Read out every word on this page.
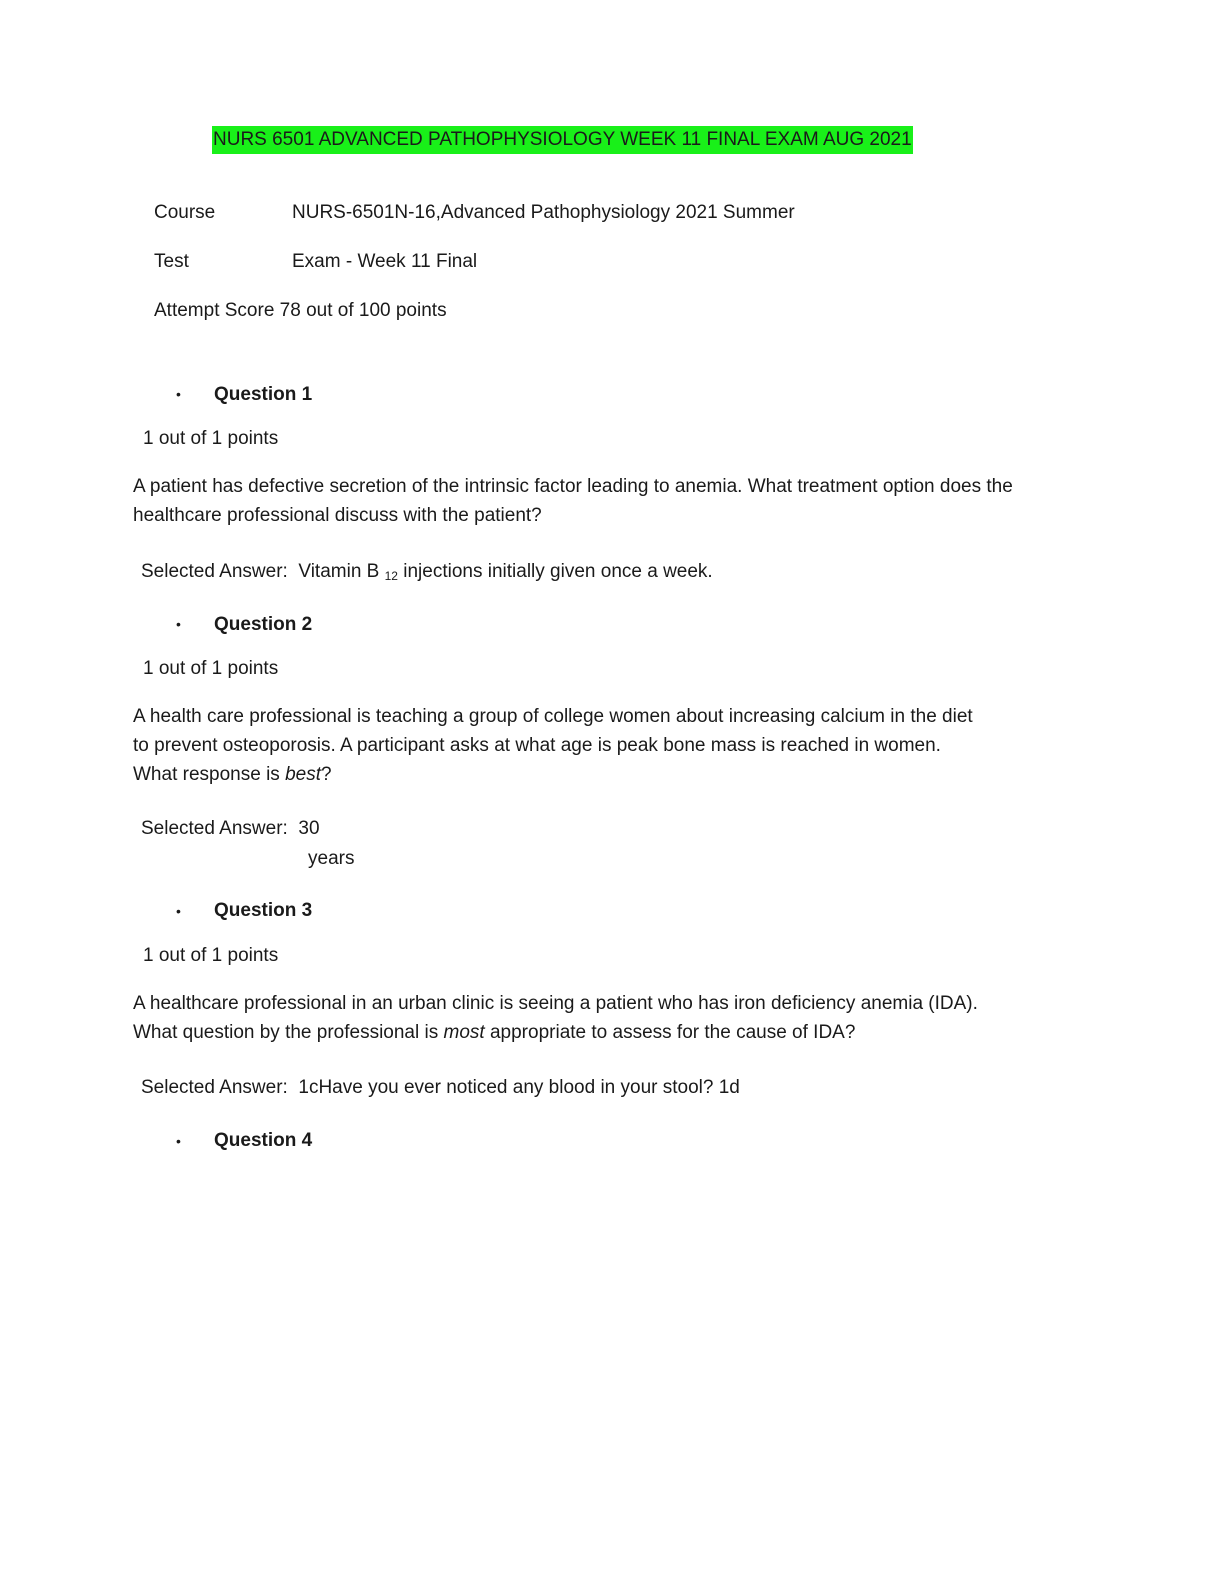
NURS 6501 ADVANCED PATHOPHYSIOLOGY WEEK 11 FINAL EXAM AUG 2021
Course	NURS-6501N-16,Advanced Pathophysiology 2021 Summer
Test	Exam - Week 11 Final
Attempt Score 78 out of 100 points
• Question 1
1 out of 1 points
A patient has defective secretion of the intrinsic factor leading to anemia. What treatment option does the healthcare professional discuss with the patient?
Selected Answer: Vitamin B 12 injections initially given once a week.
• Question 2
1 out of 1 points
A health care professional is teaching a group of college women about increasing calcium in the diet
to prevent osteoporosis. A participant asks at what age is peak bone mass is reached in women.
What response is best?
Selected Answer: 30
years
• Question 3
1 out of 1 points
A healthcare professional in an urban clinic is seeing a patient who has iron deficiency anemia (IDA).
What question by the professional is most appropriate to assess for the cause of IDA?
Selected Answer: 1cHave you ever noticed any blood in your stool? 1d
• Question 4
